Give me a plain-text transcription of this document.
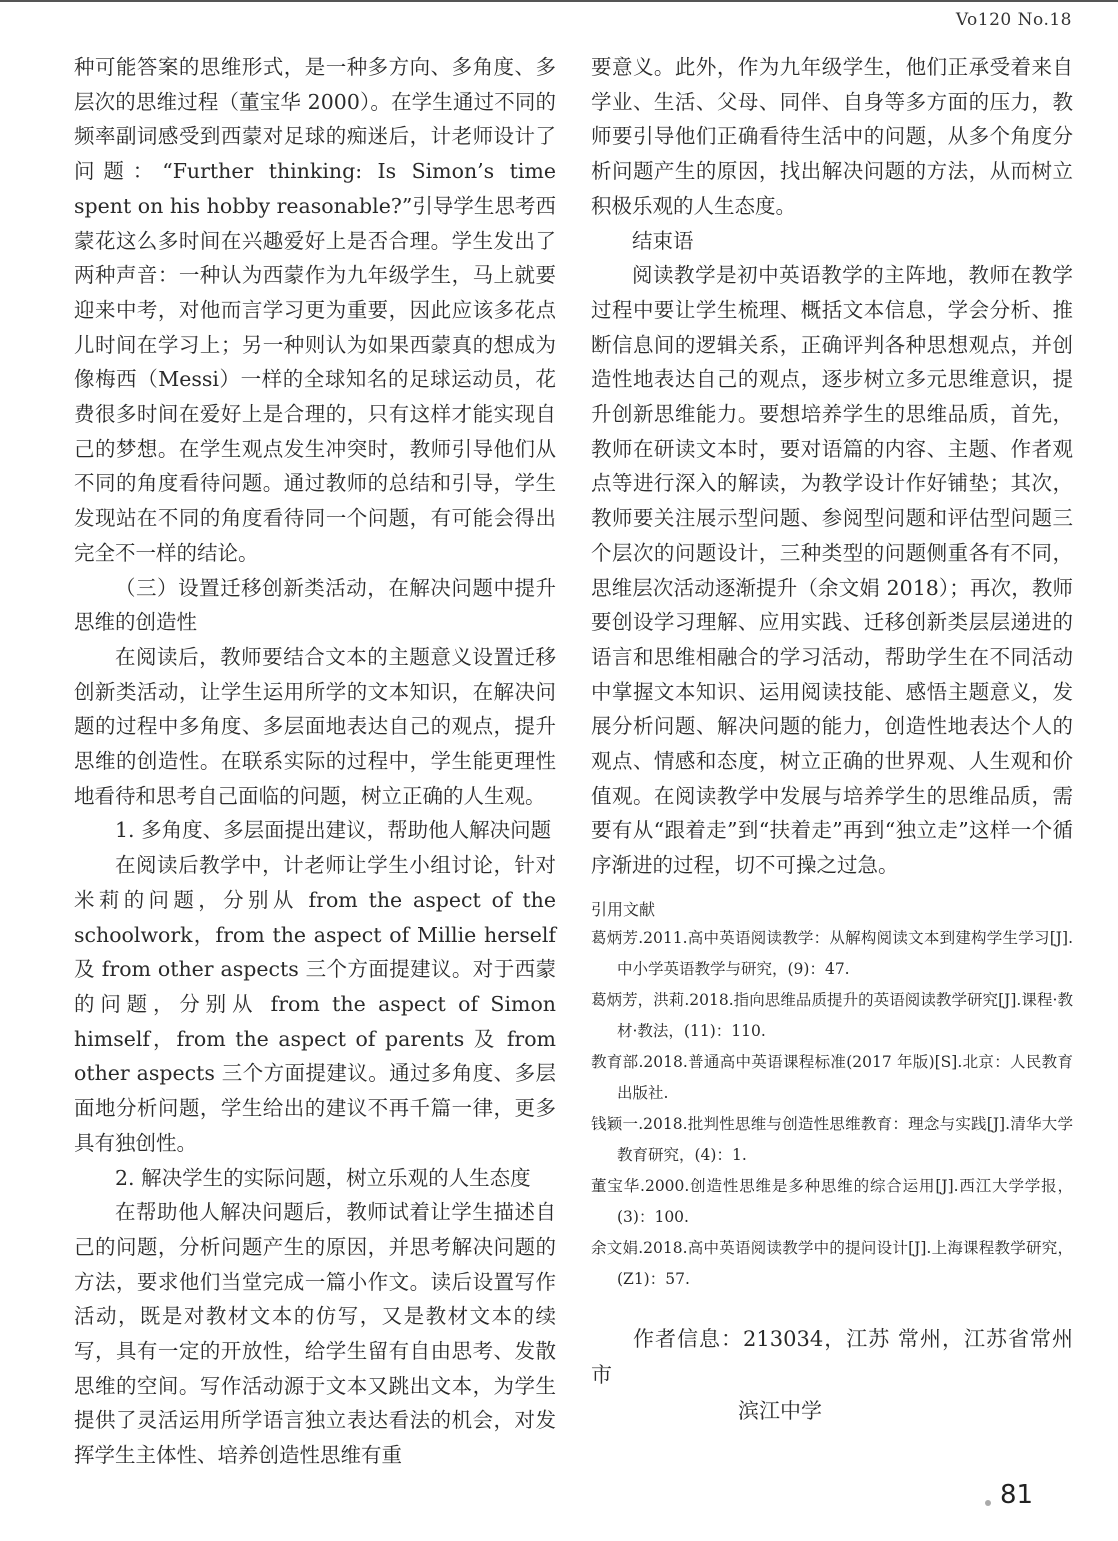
Vo120 No.18

种可能答案的思维形式，是一种多方向、多角度、多层次的思维过程（董宝华 2000）。在学生通过不同的频率副词感受到西蒙对足球的痴迷后，计老师设计了问题：“Further thinking: Is Simon’s time spent on his hobby reasonable?”引导学生思考西蒙花这么多时间在兴趣爱好上是否合理。学生发出了两种声音：一种认为西蒙作为九年级学生，马上就要迎来中考，对他而言学习更为重要，因此应该多花点儿时间在学习上；另一种则认为如果西蒙真的想成为像梅西（Messi）一样的全球知名的足球运动员，花费很多时间在爱好上是合理的，只有这样才能实现自己的梦想。在学生观点发生冲突时，教师引导他们从不同的角度看待问题。通过教师的总结和引导，学生发现站在不同的角度看待同一个问题，有可能会得出完全不一样的结论。

（三）设置迁移创新类活动，在解决问题中提升思维的创造性

在阅读后，教师要结合文本的主题意义设置迁移创新类活动，让学生运用所学的文本知识，在解决问题的过程中多角度、多层面地表达自己的观点，提升思维的创造性。在联系实际的过程中，学生能更理性地看待和思考自己面临的问题，树立正确的人生观。

1. 多角度、多层面提出建议，帮助他人解决问题

在阅读后教学中，计老师让学生小组讨论，针对米莉的问题，分别从 from the aspect of the schoolwork，from the aspect of Millie herself 及 from other aspects 三个方面提建议。对于西蒙的问题，分别从 from the aspect of Simon himself，from the aspect of parents 及 from other aspects 三个方面提建议。通过多角度、多层面地分析问题，学生给出的建议不再千篇一律，更多具有独创性。

2. 解决学生的实际问题，树立乐观的人生态度

在帮助他人解决问题后，教师试着让学生描述自己的问题，分析问题产生的原因，并思考解决问题的方法，要求他们当堂完成一篇小作文。读后设置写作活动，既是对教材文本的仿写，又是教材文本的续写，具有一定的开放性，给学生留有自由思考、发散思维的空间。写作活动源于文本又跳出文本，为学生提供了灵活运用所学语言独立表达看法的机会，对发挥学生主体性、培养创造性思维有重

要意义。此外，作为九年级学生，他们正承受着来自学业、生活、父母、同伴、自身等多方面的压力，教师要引导他们正确看待生活中的问题，从多个角度分析问题产生的原因，找出解决问题的方法，从而树立积极乐观的人生态度。

结束语

阅读教学是初中英语教学的主阵地，教师在教学过程中要让学生梳理、概括文本信息，学会分析、推断信息间的逻辑关系，正确评判各种思想观点，并创造性地表达自己的观点，逐步树立多元思维意识，提升创新思维能力。要想培养学生的思维品质，首先，教师在研读文本时，要对语篇的内容、主题、作者观点等进行深入的解读，为教学设计作好铺垫；其次，教师要关注展示型问题、参阅型问题和评估型问题三个层次的问题设计，三种类型的问题侧重各有不同，思维层次活动逐渐提升（余文娟 2018）；再次，教师要创设学习理解、应用实践、迁移创新类层层递进的语言和思维相融合的学习活动，帮助学生在不同活动中掌握文本知识、运用阅读技能、感悟主题意义，发展分析问题、解决问题的能力，创造性地表达个人的观点、情感和态度，树立正确的世界观、人生观和价值观。在阅读教学中发展与培养学生的思维品质，需要有从“跟着走”到“扶着走”再到“独立走”这样一个循序渐进的过程，切不可操之过急。

引用文献

葛炳芳.2011.高中英语阅读教学：从解构阅读文本到建构学生学习[J].中小学英语教学与研究，(9)：47.

葛炳芳，洪莉.2018.指向思维品质提升的英语阅读教学研究[J].课程·教材·教法，(11)：110.

教育部.2018.普通高中英语课程标准(2017 年版)[S].北京：人民教育出版社.

钱颖一.2018.批判性思维与创造性思维教育：理念与实践[J].清华大学教育研究，(4)：1.

董宝华.2000.创造性思维是多种思维的综合运用[J].西江大学学报，(3)：100.

余文娟.2018.高中英语阅读教学中的提问设计[J].上海课程教学研究，(Z1)：57.

作者信息：213034，江苏 常州，江苏省常州市

滨江中学

81
